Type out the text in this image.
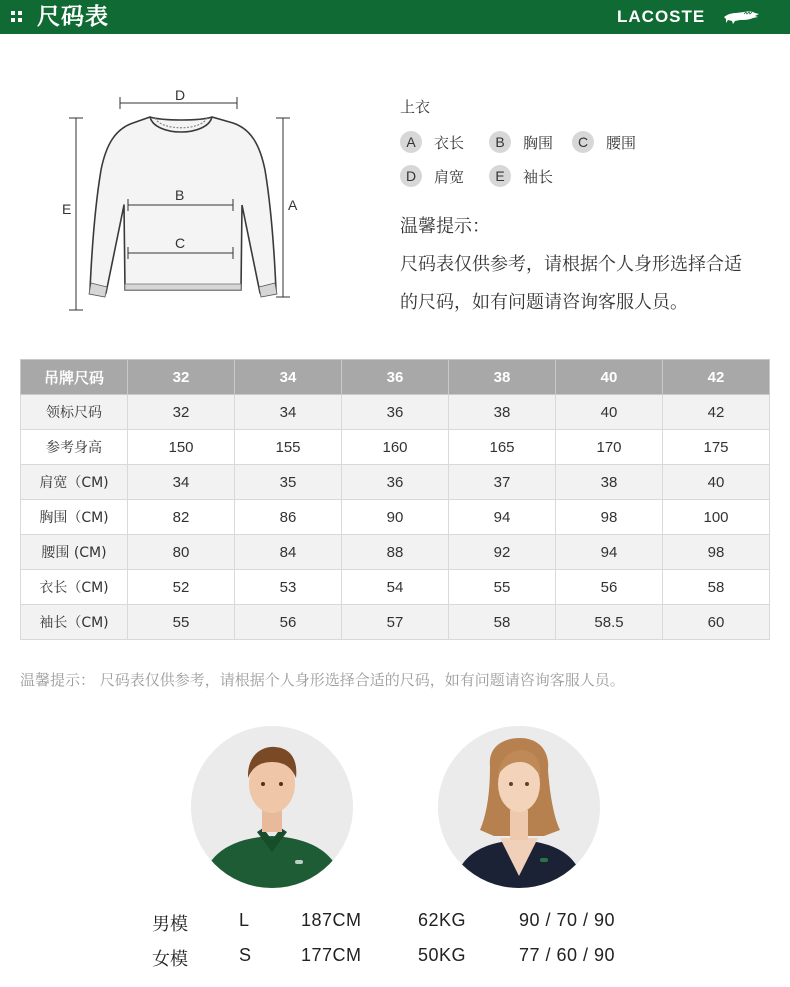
尺码表	LACOSTE
D
B
C
E	A
上衣
A	衣长	B	胸围	C	腰围
D	肩宽	E	袖长
温馨提示：
尺码表仅供参考，请根据个人身形选择合适
的尺码，如有问题请咨询客服人员。
吊牌尺码	32	34	36	38	40	42
领标尺码	32	34	36	38	40	42
参考身高	150	155	160	165	170	175
肩宽（CM)	34	35	36	37	38	40
胸围（CM)	82	86	90	94	98	100
腰围 (CM)	80	84	88	92	94	98
衣长（CM)	52	53	54	55	56	58
袖长（CM)	55	56	57	58	58.5	60
温馨提示： 尺码表仅供参考，请根据个人身形选择合适的尺码，如有问题请咨询客服人员。
男模	L	187CM	62KG	90 / 70 / 90
女模	S	177CM	50KG	77 / 60 / 90
